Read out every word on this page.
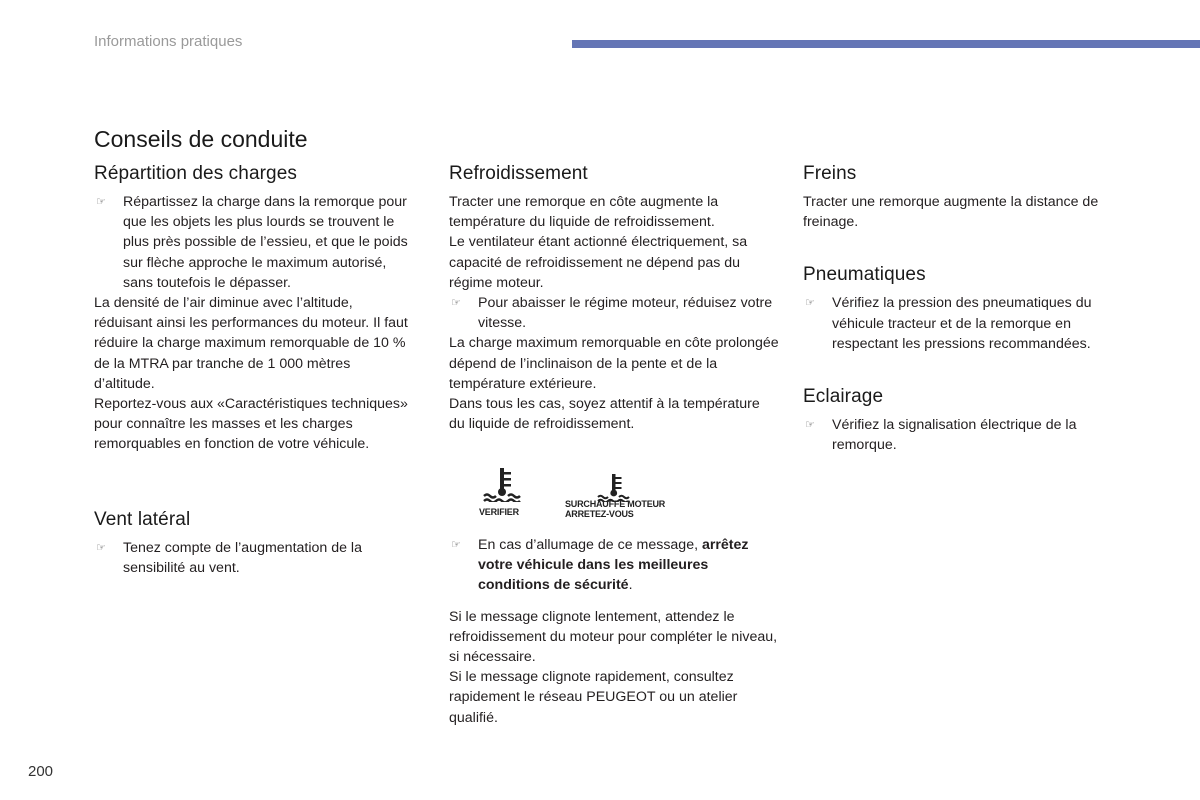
Informations pratiques
Conseils de conduite
Répartition des charges
☞ Répartissez la charge dans la remorque pour que les objets les plus lourds se trouvent le plus près possible de l’essieu, et que le poids sur flèche approche le maximum autorisé, sans toutefois le dépasser.

La densité de l’air diminue avec l’altitude, réduisant ainsi les performances du moteur. Il faut réduire la charge maximum remorquable de 10 % de la MTRA par tranche de 1 000 mètres d’altitude.

Reportez-vous aux «Caractéristiques techniques» pour connaître les masses et les charges remorquables en fonction de votre véhicule.

Vent latéral
☞ Tenez compte de l’augmentation de la sensibilité au vent.
Refroidissement

Tracter une remorque en côte augmente la température du liquide de refroidissement.

Le ventilateur étant actionné électriquement, sa capacité de refroidissement ne dépend pas du régime moteur.

☞ Pour abaisser le régime moteur, réduisez votre vitesse.

La charge maximum remorquable en côte prolongée dépend de l’inclinaison de la pente et de la température extérieure.

Dans tous les cas, soyez attentif à la température du liquide de refroidissement.

VERIFIER
SURCHAUFFE MOTEUR
ARRETEZ-VOUS
☞ En cas d’allumage de ce message, arrêtez votre véhicule dans les meilleures conditions de sécurité.

Si le message clignote lentement, attendez le refroidissement du moteur pour compléter le niveau, si nécessaire.

Si le message clignote rapidement, consultez rapidement le réseau PEUGEOT ou un atelier qualifié.

Freins

Tracter une remorque augmente la distance de freinage.

Pneumatiques
☞ Vérifiez la pression des pneumatiques du véhicule tracteur et de la remorque en respectant les pressions recommandées.
Eclairage
☞ Vérifiez la signalisation électrique de la remorque.
200
